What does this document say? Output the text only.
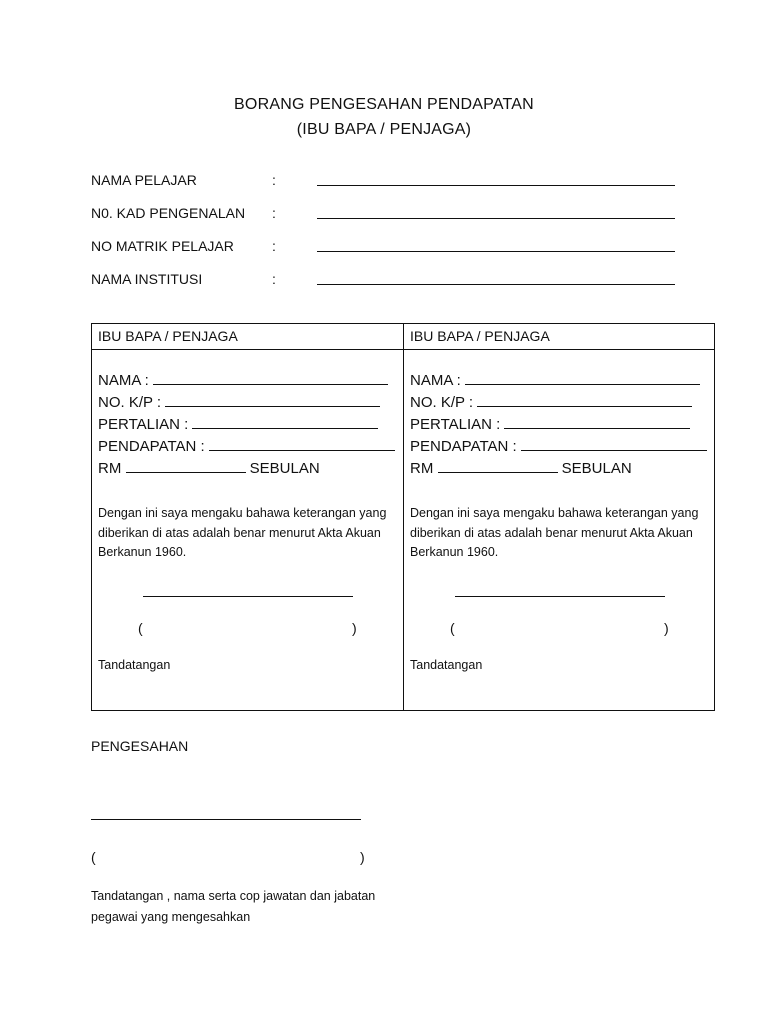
BORANG PENGESAHAN PENDAPATAN
(IBU BAPA / PENJAGA)
NAMA PELAJAR	:
N0. KAD PENGENALAN :
NO MATRIK PELAJAR	:
NAMA INSTITUSI	:
IBU BAPA / PENJAGA
NAMA :
NO. K/P :
PERTALIAN :
PENDAPATAN :
RM	SEBULAN
Dengan ini saya mengaku bahawa keterangan yang diberikan di atas adalah benar menurut Akta Akuan Berkanun 1960.
(	)
Tandatangan
IBU BAPA / PENJAGA
NAMA :
NO. K/P :
PERTALIAN :
PENDAPATAN :
RM	SEBULAN
Dengan ini saya mengaku bahawa keterangan yang diberikan di atas adalah benar menurut Akta Akuan Berkanun 1960.
(	)
Tandatangan
PENGESAHAN
(	)
Tandatangan , nama serta cop jawatan dan jabatan pegawai yang mengesahkan
